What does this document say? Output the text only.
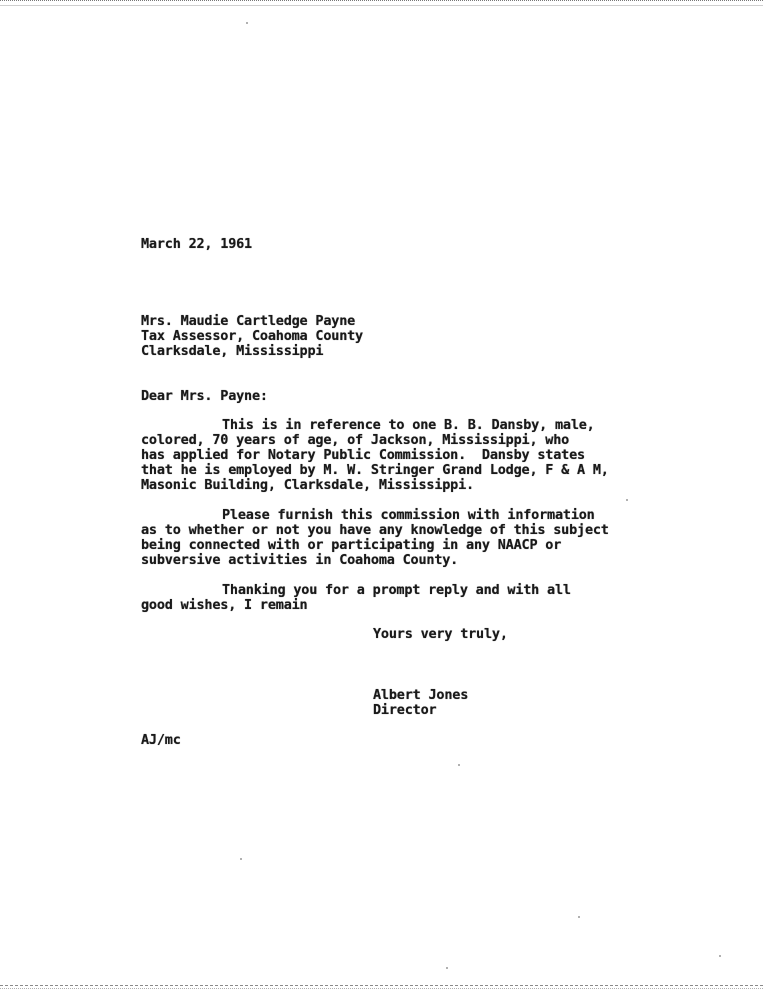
March 22, 1961
Mrs. Maudie Cartledge Payne
Tax Assessor, Coahoma County
Clarksdale, Mississippi
Dear Mrs. Payne:
This is in reference to one B. B. Dansby, male,
colored, 70 years of age, of Jackson, Mississippi, who
has applied for Notary Public Commission.  Dansby states
that he is employed by M. W. Stringer Grand Lodge, F & A M,
Masonic Building, Clarksdale, Mississippi.
Please furnish this commission with information
as to whether or not you have any knowledge of this subject
being connected with or participating in any NAACP or
subversive activities in Coahoma County.
Thanking you for a prompt reply and with all
good wishes, I remain
Yours very truly,
Albert Jones
Director
AJ/mc
